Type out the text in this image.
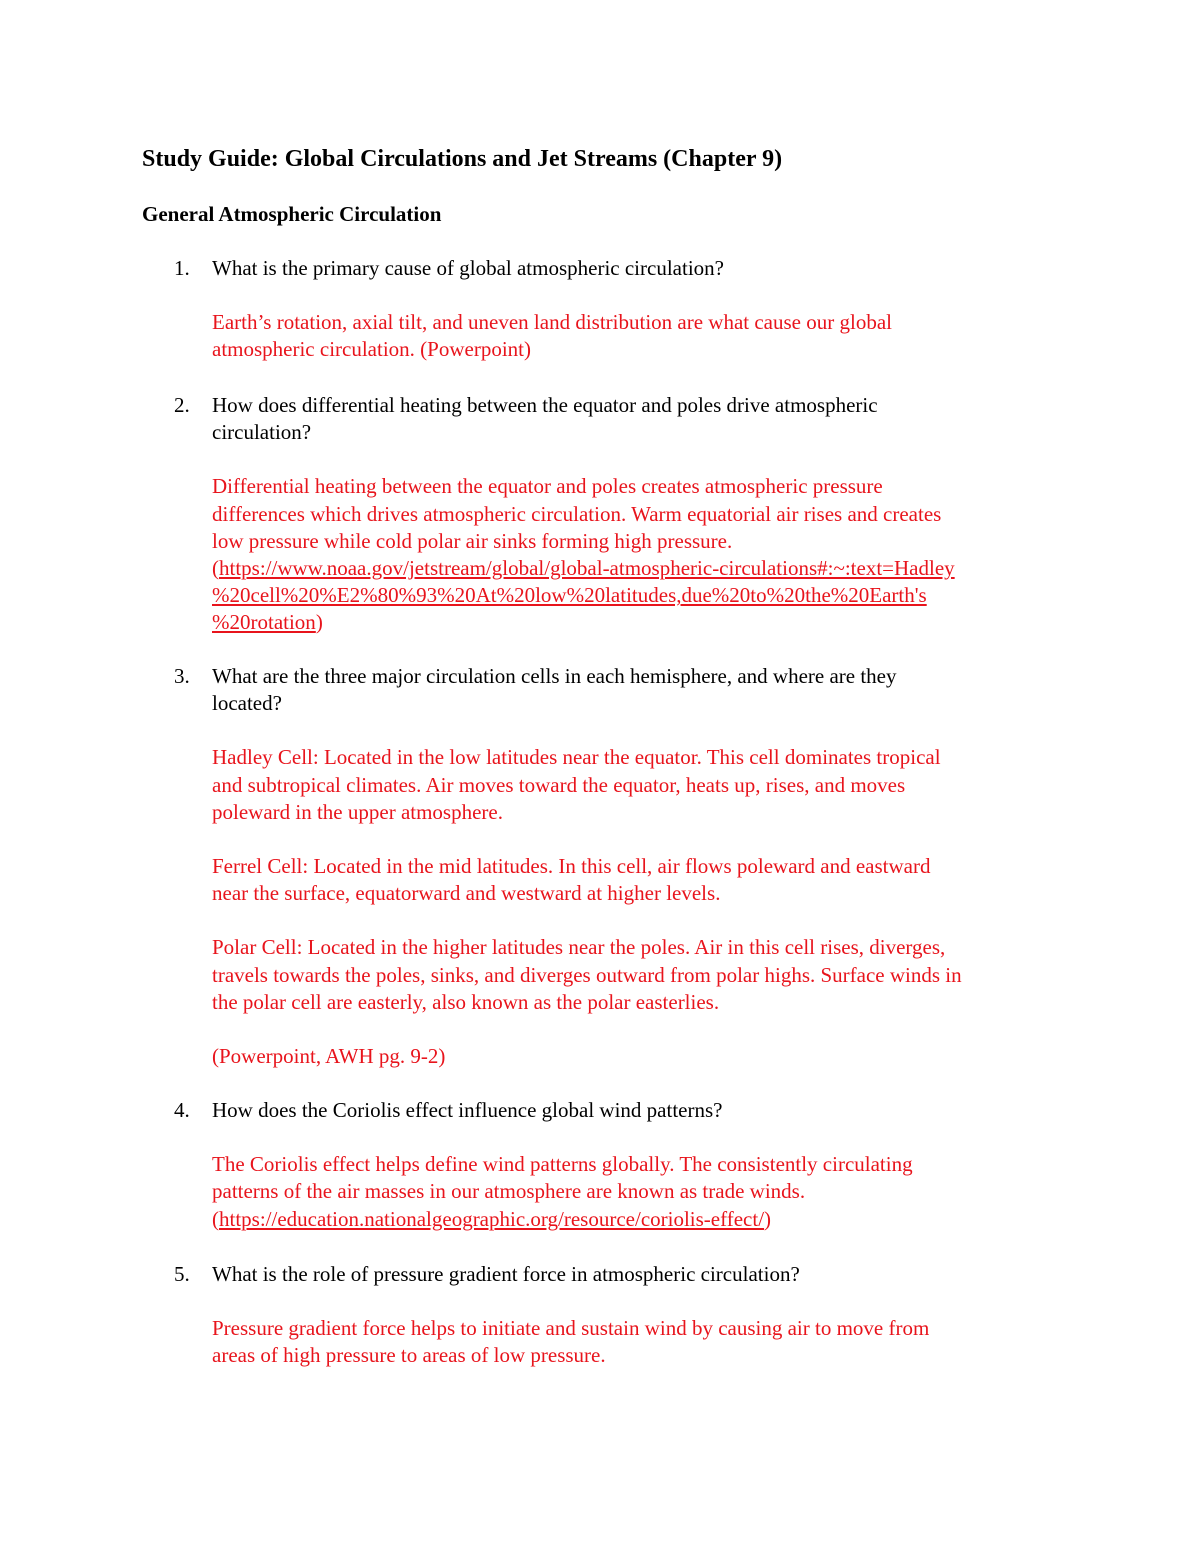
Study Guide: Global Circulations and Jet Streams (Chapter 9)
General Atmospheric Circulation
1.	What is the primary cause of global atmospheric circulation?
Earth’s rotation, axial tilt, and uneven land distribution are what cause our global
atmospheric circulation. (Powerpoint)
2.	How does differential heating between the equator and poles drive atmospheric
circulation?
Differential heating between the equator and poles creates atmospheric pressure
differences which drives atmospheric circulation. Warm equatorial air rises and creates
low pressure while cold polar air sinks forming high pressure.
(https://www.noaa.gov/jetstream/global/global-atmospheric-circulations#:~:text=Hadley
%20cell%20%E2%80%93%20At%20low%20latitudes,due%20to%20the%20Earth's
%20rotation)
3.	What are the three major circulation cells in each hemisphere, and where are they
located?
Hadley Cell: Located in the low latitudes near the equator. This cell dominates tropical
and subtropical climates. Air moves toward the equator, heats up, rises, and moves
poleward in the upper atmosphere.
Ferrel Cell: Located in the mid latitudes. In this cell, air flows poleward and eastward
near the surface, equatorward and westward at higher levels.
Polar Cell: Located in the higher latitudes near the poles. Air in this cell rises, diverges,
travels towards the poles, sinks, and diverges outward from polar highs. Surface winds in
the polar cell are easterly, also known as the polar easterlies.
(Powerpoint, AWH pg. 9-2)
4.	How does the Coriolis effect influence global wind patterns?
The Coriolis effect helps define wind patterns globally. The consistently circulating
patterns of the air masses in our atmosphere are known as trade winds.
(https://education.nationalgeographic.org/resource/coriolis-effect/)
5.	What is the role of pressure gradient force in atmospheric circulation?
Pressure gradient force helps to initiate and sustain wind by causing air to move from
areas of high pressure to areas of low pressure.
